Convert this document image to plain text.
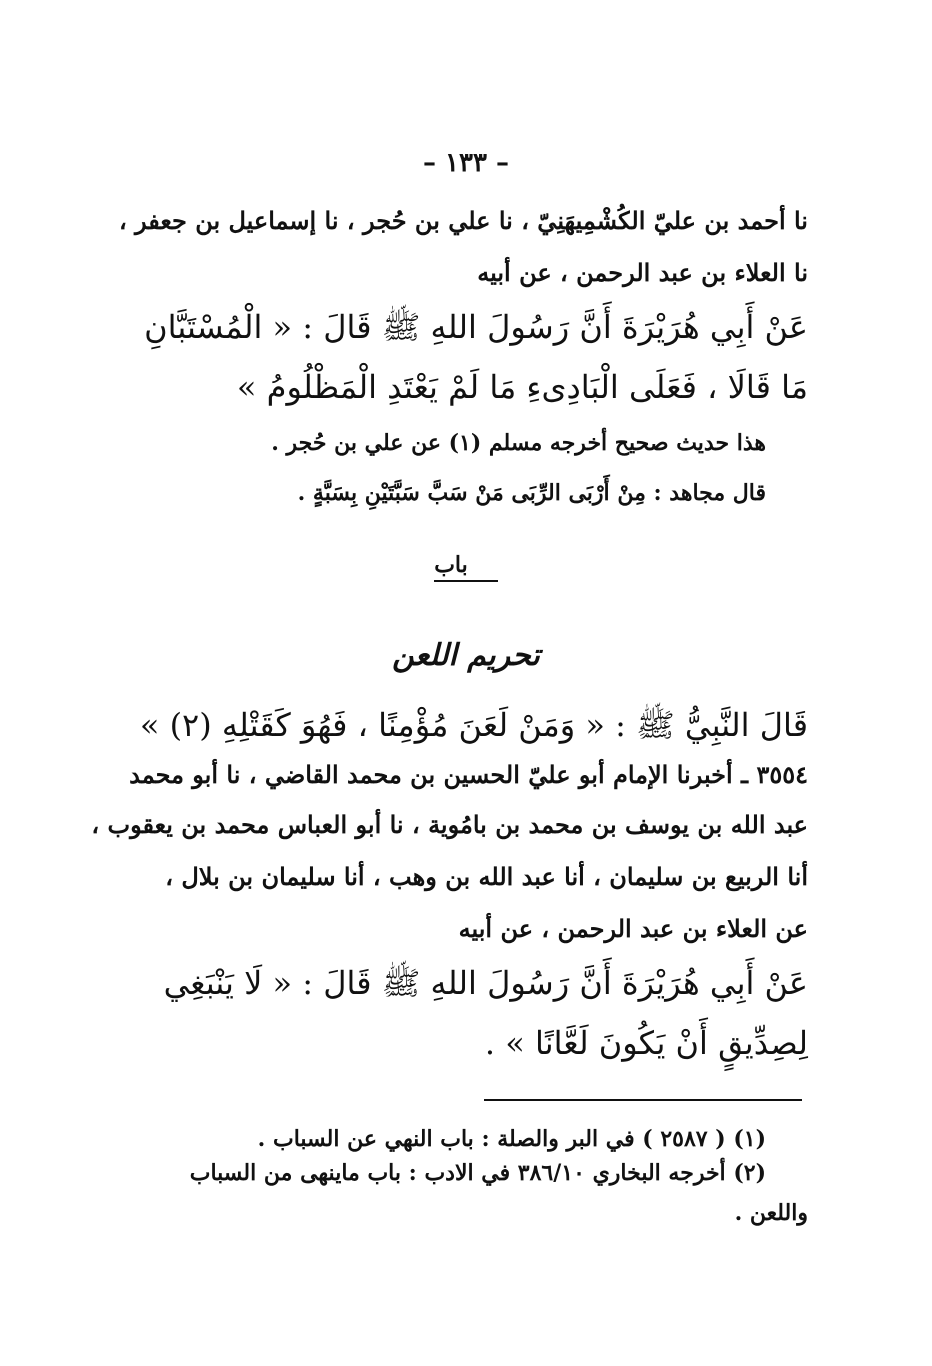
– ١٣٣ –
نا أحمد بن عليّ الكُشْمِيهَنِيّ ، نا علي بن حُجر ، نا إسماعيل بن جعفر ،
نا العلاء بن عبد الرحمن ، عن أبيه
عَنْ أَبِي هُرَيْرَةَ أَنَّ رَسُولَ اللهِ ﷺ قَالَ : « الْمُسْتَبَّانِ
مَا قَالَا ، فَعَلَى الْبَادِىءِ مَا لَمْ يَعْتَدِ الْمَظْلُومُ »
هذا حديث صحيح أخرجه مسلم (١) عن علي بن حُجر .
قال مجاهد : مِنْ أَرْبَى الرِّبَى مَنْ سَبَّ سَبَّتَيْنِ بِسَبَّةٍ .
باب
تحريم اللعن
قَالَ النَّبِيُّ ﷺ : « وَمَنْ لَعَنَ مُؤْمِنًا ، فَهُوَ كَقَتْلِهِ (٢) »
٣٥٥٤ ـ أخبرنا الإمام أبو عليّ الحسين بن محمد القاضي ، نا أبو محمد
عبد الله بن يوسف بن محمد بن بامُوية ، نا أبو العباس محمد بن يعقوب ،
أنا الربيع بن سليمان ، أنا عبد الله بن وهب ، أنا سليمان بن بلال ،
عن العلاء بن عبد الرحمن ، عن أبيه
عَنْ أَبِي هُرَيْرَةَ أَنَّ رَسُولَ اللهِ ﷺ قَالَ : « لَا يَنْبَغِي
لِصِدِّيقٍ أَنْ يَكُونَ لَعَّانًا » .
(١) ( ٢٥٨٧ ) في البر والصلة : باب النهي عن السباب .
(٢) أخرجه البخاري ٣٨٦/١٠ في الادب : باب ماينهى من السباب
واللعن .
